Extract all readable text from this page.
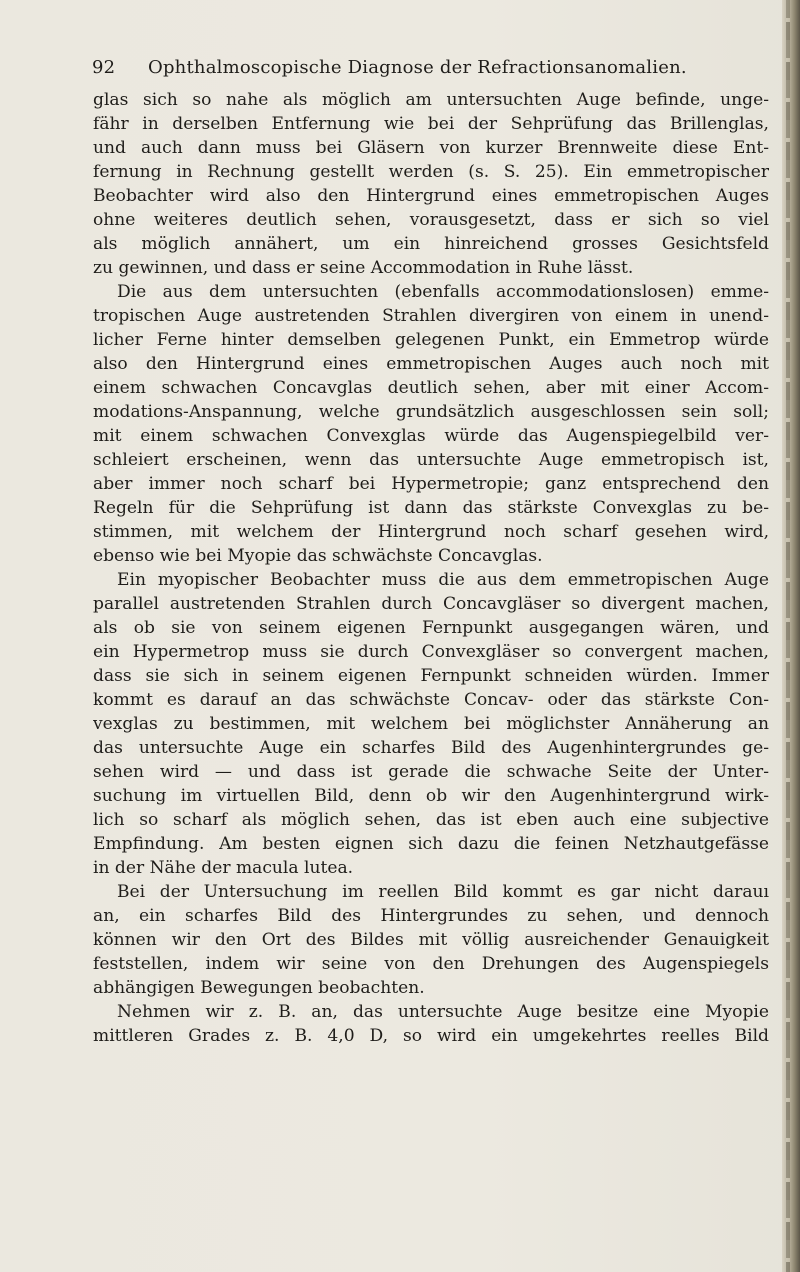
92 Ophthalmoscopische Diagnose der Refractionsanomalien.
glas sich so nahe als möglich am untersuchten Auge befinde, unge-
fähr in derselben Entfernung wie bei der Sehprüfung das Brillenglas,
und auch dann muss bei Gläsern von kurzer Brennweite diese Ent-
fernung in Rechnung gestellt werden (s. S. 25). Ein emmetropischer
Beobachter wird also den Hintergrund eines emmetropischen Auges
ohne weiteres deutlich sehen, vorausgesetzt, dass er sich so viel
als möglich annähert, um ein hinreichend grosses Gesichtsfeld
zu gewinnen, und dass er seine Accommodation in Ruhe lässt.
Die aus dem untersuchten (ebenfalls accommodationslosen) emme-
tropischen Auge austretenden Strahlen divergiren von einem in unend-
licher Ferne hinter demselben gelegenen Punkt, ein Emmetrop würde
also den Hintergrund eines emmetropischen Auges auch noch mit
einem schwachen Concavglas deutlich sehen, aber mit einer Accom-
modations-Anspannung, welche grundsätzlich ausgeschlossen sein soll;
mit einem schwachen Convexglas würde das Augenspiegelbild ver-
schleiert erscheinen, wenn das untersuchte Auge emmetropisch ist,
aber immer noch scharf bei Hypermetropie; ganz entsprechend den
Regeln für die Sehprüfung ist dann das stärkste Convexglas zu be-
stimmen, mit welchem der Hintergrund noch scharf gesehen wird,
ebenso wie bei Myopie das schwächste Concavglas.
Ein myopischer Beobachter muss die aus dem emmetropischen Auge
parallel austretenden Strahlen durch Concavgläser so divergent machen,
als ob sie von seinem eigenen Fernpunkt ausgegangen wären, und
ein Hypermetrop muss sie durch Convexgläser so convergent machen,
dass sie sich in seinem eigenen Fernpunkt schneiden würden. Immer
kommt es darauf an das schwächste Concav- oder das stärkste Con-
vexglas zu bestimmen, mit welchem bei möglichster Annäherung an
das untersuchte Auge ein scharfes Bild des Augenhintergrundes ge-
sehen wird — und dass ist gerade die schwache Seite der Unter-
suchung im virtuellen Bild, denn ob wir den Augenhintergrund wirk-
lich so scharf als möglich sehen, das ist eben auch eine subjective
Empfindung. Am besten eignen sich dazu die feinen Netzhautgefässe
in der Nähe der macula lutea.
Bei der Untersuchung im reellen Bild kommt es gar nicht darauı
an, ein scharfes Bild des Hintergrundes zu sehen, und dennoch
können wir den Ort des Bildes mit völlig ausreichender Genauigkeit
feststellen, indem wir seine von den Drehungen des Augenspiegels
abhängigen Bewegungen beobachten.
Nehmen wir z. B. an, das untersuchte Auge besitze eine Myopie
mittleren Grades z. B. 4,0 D, so wird ein umgekehrtes reelles Bild
